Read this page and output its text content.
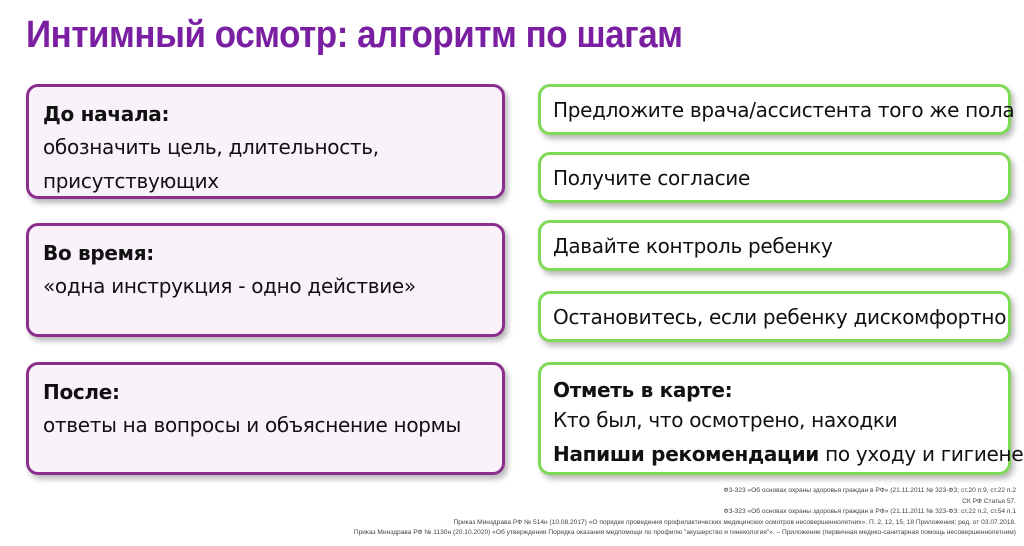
Интимный осмотр: алгоритм по шагам
До начала:
обозначить цель, длительность, присутствующих
Во время:
«одна инструкция - одно действие»
После:
ответы на вопросы и объяснение нормы
Предложите врача/ассистента того же пола
Получите согласие
Давайте контроль ребенку
Остановитесь, если ребенку дискомфортно
Отметь в карте:
Кто был, что осмотрено, находки
Напиши рекомендации по уходу и гигиене
ФЗ-323 «Об основах охраны здоровья граждан в РФ» (21.11.2011 № 323-ФЗ; ст.20 п.9, ст.22 п.2
СК РФ Статья 57.
ФЗ-323 «Об основах охраны здоровья граждан в РФ» (21.11.2011 № 323-ФЗ: ст.22 п.2, ст.54 п.1
Приказ Минздрава РФ № 514н (10.08.2017) «О порядке проведения профилактических медицинских осмотров несовершеннолетних». П. 2, 12, 15, 18 Приложения; ред. от 03.07.2018.
Приказ Минздрава РФ № 1130н (20.10.2020) «Об утверждении Порядка оказания медпомощи по профилю "акушерство и гинекология"». – Приложение (первичная медико-санитарная помощь несовершеннолетним)
